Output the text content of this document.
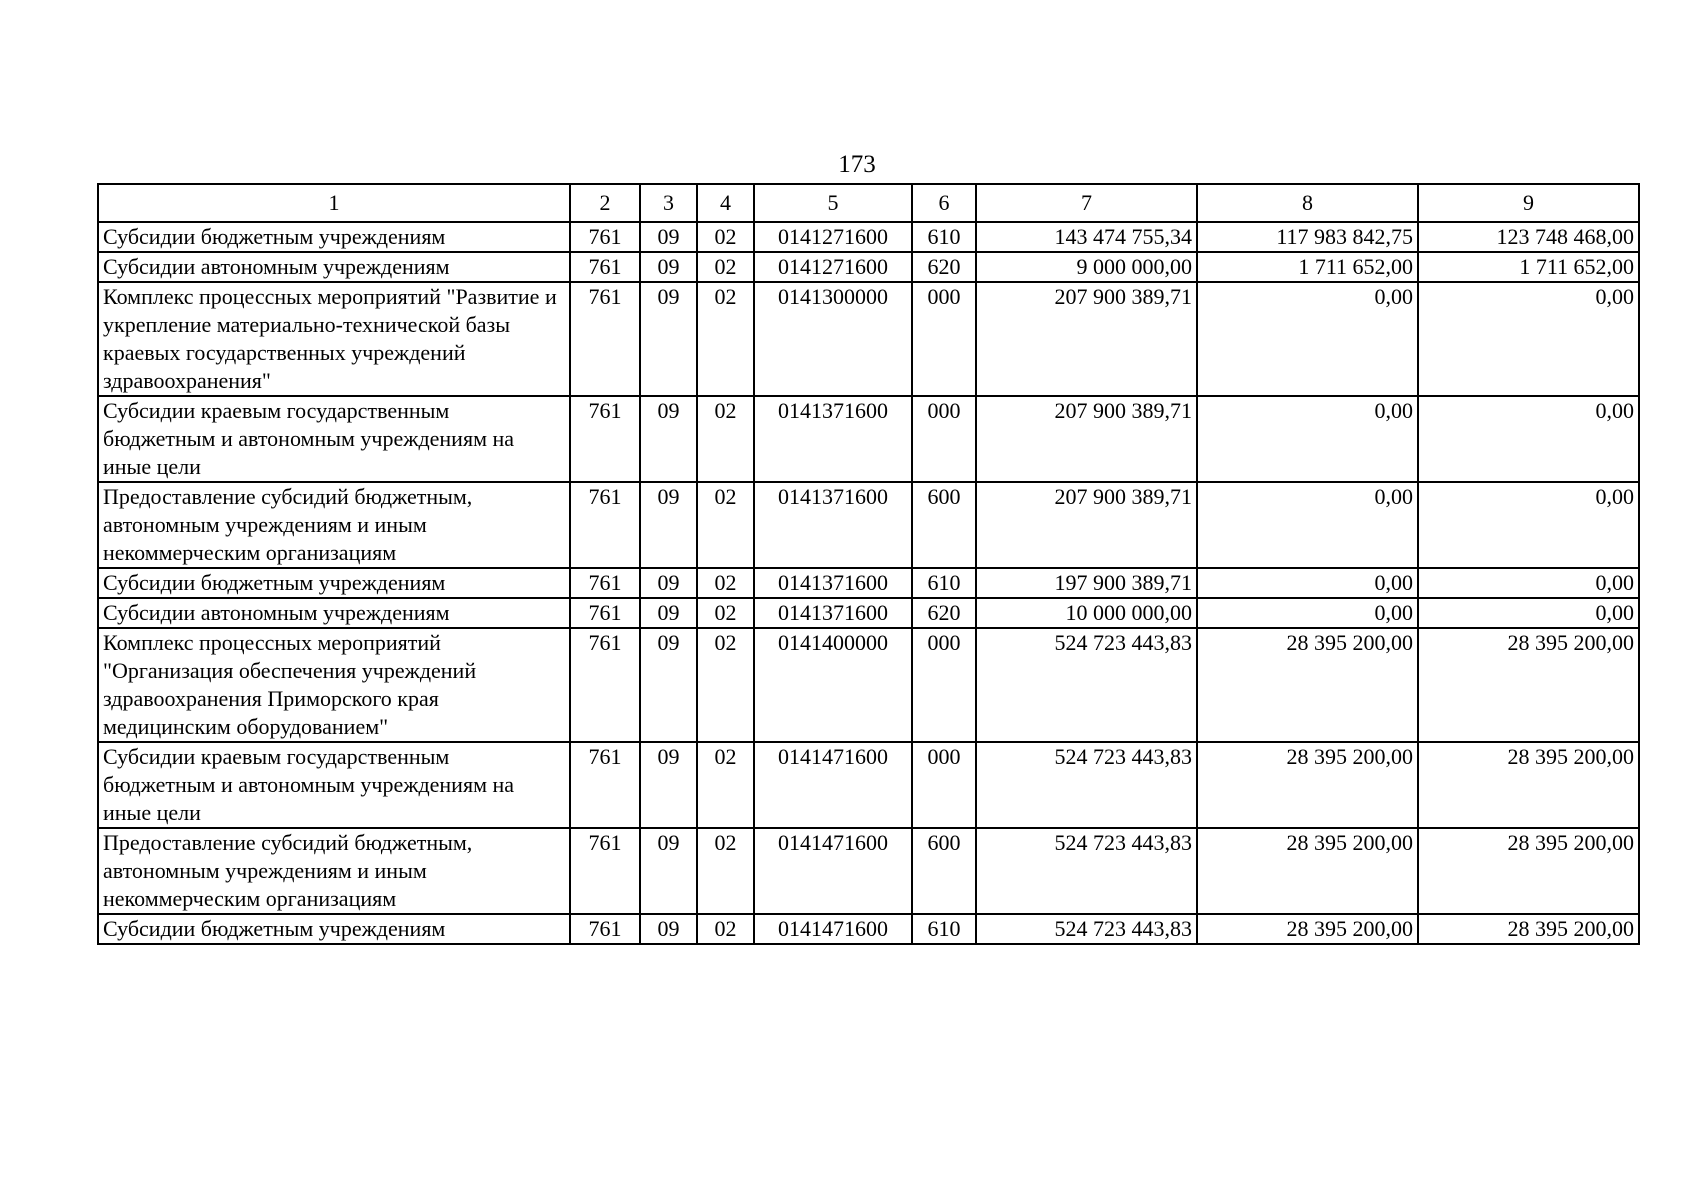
173
1	2	3	4	5	6	7	8	9
Субсидии бюджетным учреждениям	761	09	02	0141271600	610	143 474 755,34	117 983 842,75	123 748 468,00
Субсидии автономным учреждениям	761	09	02	0141271600	620	9 000 000,00	1 711 652,00	1 711 652,00
Комплекс процессных мероприятий "Развитие и укрепление материально-технической базы краевых государственных учреждений здравоохранения"	761	09	02	0141300000	000	207 900 389,71	0,00	0,00
Субсидии краевым государственным бюджетным и автономным учреждениям на иные цели	761	09	02	0141371600	000	207 900 389,71	0,00	0,00
Предоставление субсидий бюджетным, автономным учреждениям и иным некоммерческим организациям	761	09	02	0141371600	600	207 900 389,71	0,00	0,00
Субсидии бюджетным учреждениям	761	09	02	0141371600	610	197 900 389,71	0,00	0,00
Субсидии автономным учреждениям	761	09	02	0141371600	620	10 000 000,00	0,00	0,00
Комплекс процессных мероприятий "Организация обеспечения учреждений здравоохранения Приморского края медицинским оборудованием"	761	09	02	0141400000	000	524 723 443,83	28 395 200,00	28 395 200,00
Субсидии краевым государственным бюджетным и автономным учреждениям на иные цели	761	09	02	0141471600	000	524 723 443,83	28 395 200,00	28 395 200,00
Предоставление субсидий бюджетным, автономным учреждениям и иным некоммерческим организациям	761	09	02	0141471600	600	524 723 443,83	28 395 200,00	28 395 200,00
Субсидии бюджетным учреждениям	761	09	02	0141471600	610	524 723 443,83	28 395 200,00	28 395 200,00
